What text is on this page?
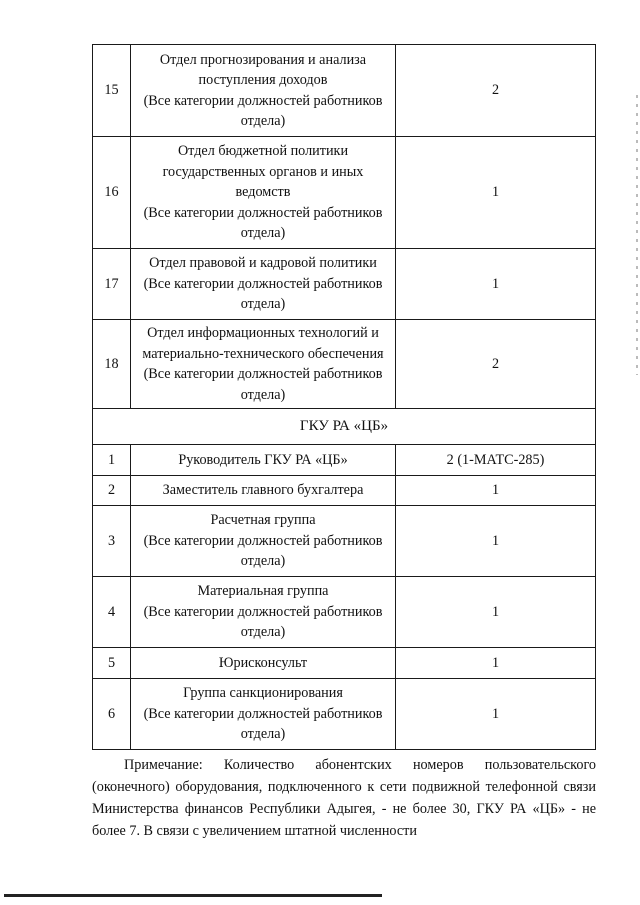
15	Отдел прогнозирования и анализа
поступления доходов
(Все категории должностей работников
отдела)	2
16	Отдел бюджетной политики
государственных органов и иных
ведомств
(Все категории должностей работников
отдела)	1
17	Отдел правовой и кадровой политики
(Все категории должностей работников
отдела)	1
18	Отдел информационных технологий и
материально-технического обеспечения
(Все категории должностей работников
отдела)	2
ГКУ РА «ЦБ»		
1	Руководитель ГКУ РА «ЦБ»	2 (1-МАТС-285)
2	Заместитель главного бухгалтера	1
3	Расчетная группа
(Все категории должностей работников
отдела)	1
4	Материальная группа
(Все категории должностей работников
отдела)	1
5	Юрисконсульт	1
6	Группа санкционирования
(Все категории должностей работников
отдела)	1

Примечание: Количество абонентских номеров пользовательского (оконечного) оборудования, подключенного к сети подвижной телефонной связи Министерства финансов Республики Адыгея, - не более 30, ГКУ РА «ЦБ» - не более 7. В связи с увеличением штатной численности
